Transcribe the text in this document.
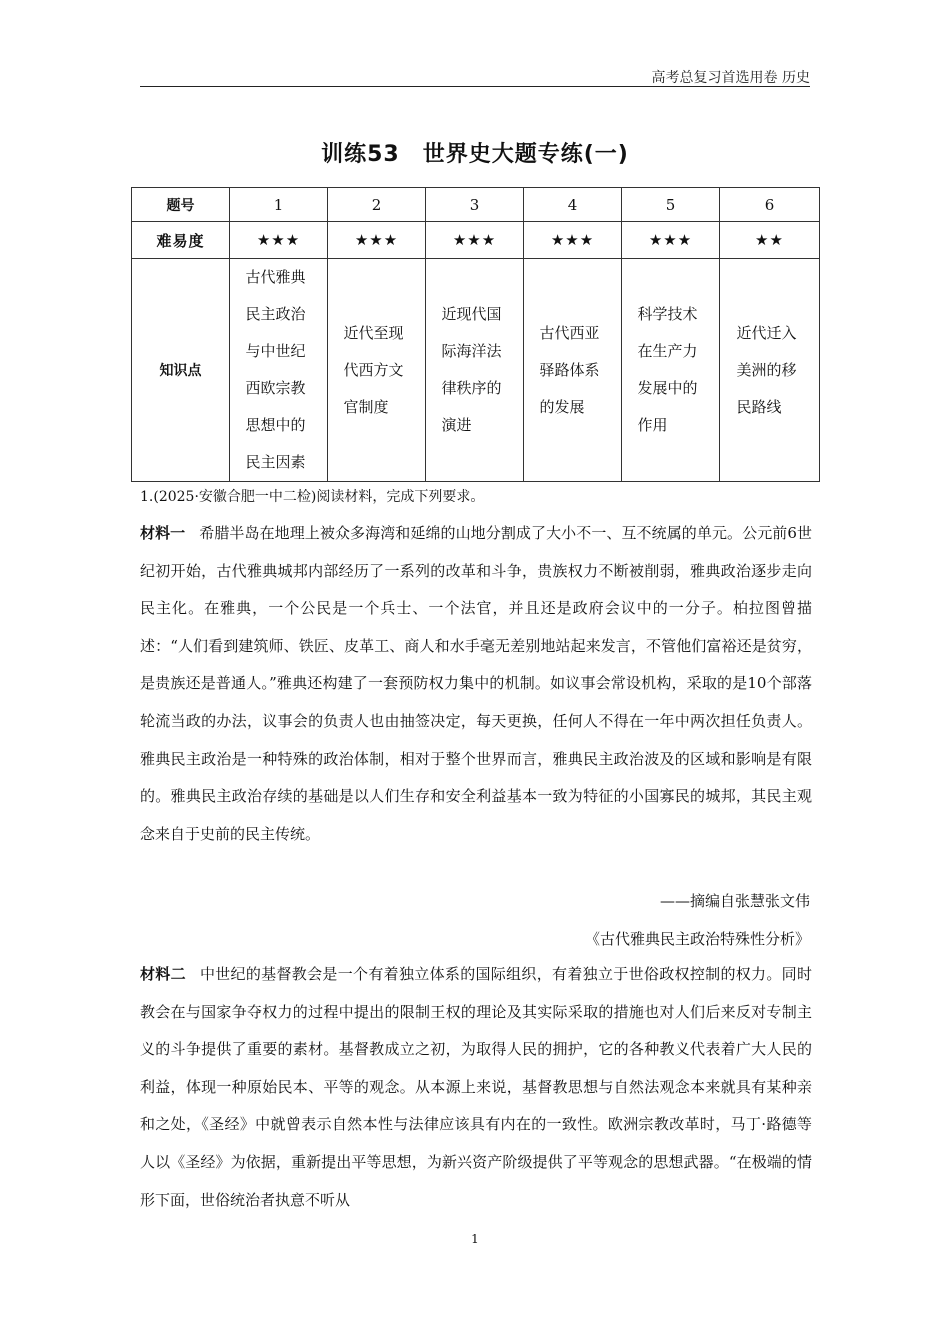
高考总复习首选用卷 历史
训练53　世界史大题专练(一)
题号	1	2	3	4	5	6
难易度	★★★	★★★	★★★	★★★	★★★	★★
知识点	古代雅典民主政治与中世纪西欧宗教思想中的民主因素	近代至现代西方文官制度	近现代国际海洋法律秩序的演进	古代西亚驿路体系的发展	科学技术在生产力发展中的作用	近代迁入美洲的移民路线
1.(2025·安徽合肥一中二检)阅读材料，完成下列要求。
材料一 希腊半岛在地理上被众多海湾和延绵的山地分割成了大小不一、互不统属的单元。公元前6世纪初开始，古代雅典城邦内部经历了一系列的改革和斗争，贵族权力不断被削弱，雅典政治逐步走向民主化。在雅典，一个公民是一个兵士、一个法官，并且还是政府会议中的一分子。柏拉图曾描述：“人们看到建筑师、铁匠、皮革工、商人和水手毫无差别地站起来发言，不管他们富裕还是贫穷，是贵族还是普通人。”雅典还构建了一套预防权力集中的机制。如议事会常设机构，采取的是10个部落轮流当政的办法，议事会的负责人也由抽签决定，每天更换，任何人不得在一年中两次担任负责人。雅典民主政治是一种特殊的政治体制，相对于整个世界而言，雅典民主政治波及的区域和影响是有限的。雅典民主政治存续的基础是以人们生存和安全利益基本一致为特征的小国寡民的城邦，其民主观念来自于史前的民主传统。
——摘编自张慧张文伟
《古代雅典民主政治特殊性分析》
材料二 中世纪的基督教会是一个有着独立体系的国际组织，有着独立于世俗政权控制的权力。同时教会在与国家争夺权力的过程中提出的限制王权的理论及其实际采取的措施也对人们后来反对专制主义的斗争提供了重要的素材。基督教成立之初，为取得人民的拥护，它的各种教义代表着广大人民的利益，体现一种原始民本、平等的观念。从本源上来说，基督教思想与自然法观念本来就具有某种亲和之处，《圣经》中就曾表示自然本性与法律应该具有内在的一致性。欧洲宗教改革时，马丁·路德等人以《圣经》为依据，重新提出平等思想，为新兴资产阶级提供了平等观念的思想武器。“在极端的情形下面，世俗统治者执意不听从
1
